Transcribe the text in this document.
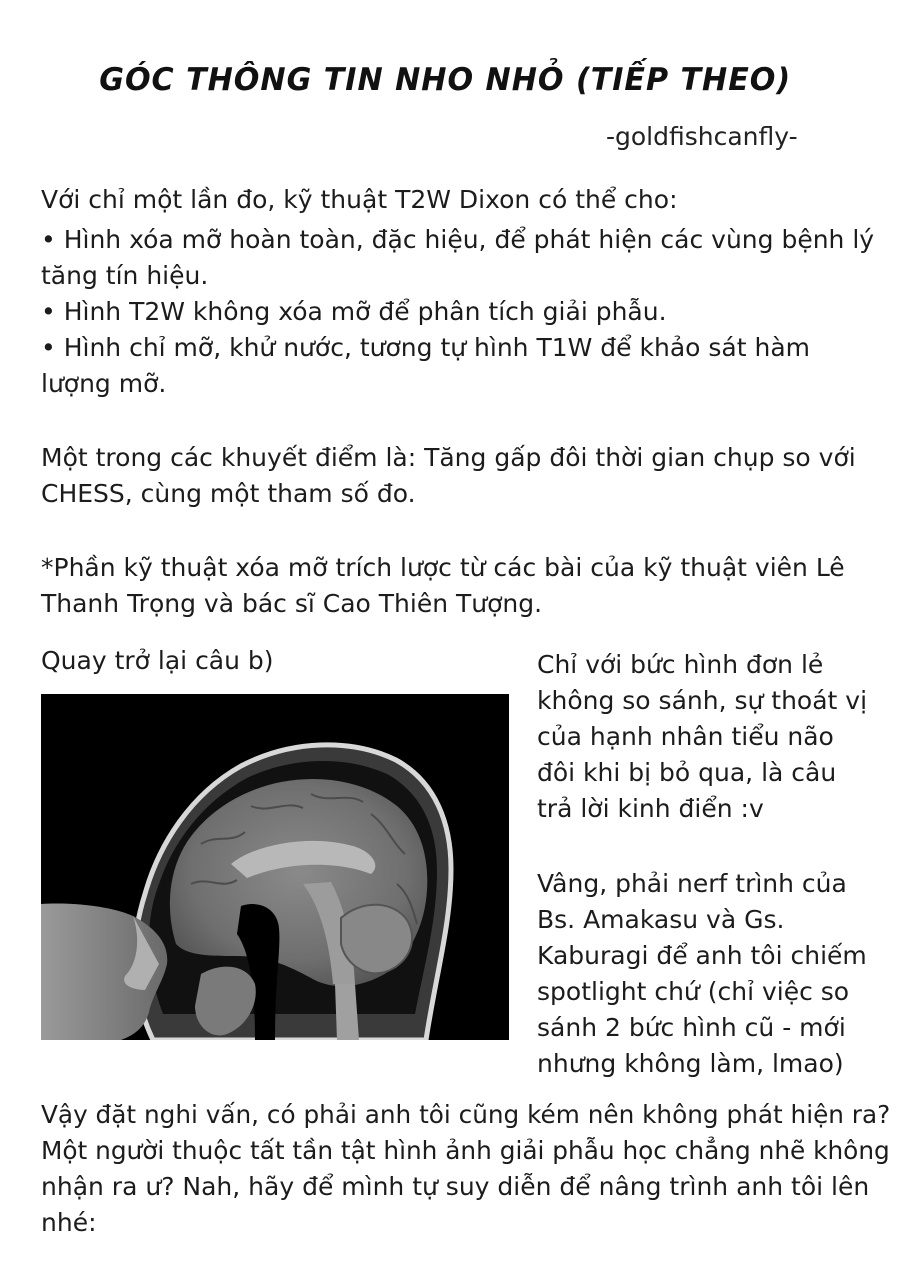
GÓC THÔNG TIN NHO NHỎ (TIẾP THEO)
-goldfishcanfly-
Với chỉ một lần đo, kỹ thuật T2W Dixon có thể cho:
• Hình xóa mỡ hoàn toàn, đặc hiệu, để phát hiện các vùng bệnh lý
tăng tín hiệu.
• Hình T2W không xóa mỡ để phân tích giải phẫu.
• Hình chỉ mỡ, khử nước, tương tự hình T1W để khảo sát hàm
lượng mỡ.
Một trong các khuyết điểm là: Tăng gấp đôi thời gian chụp so với
CHESS, cùng một tham số đo.
*Phần kỹ thuật xóa mỡ trích lược từ các bài của kỹ thuật viên Lê
Thanh Trọng và bác sĩ Cao Thiên Tượng.
Quay trở lại câu b)	Chỉ với bức hình đơn lẻ
không so sánh, sự thoát vị
của hạnh nhân tiểu não
đôi khi bị bỏ qua, là câu
trả lời kinh điển :v
Vâng, phải nerf trình của
Bs. Amakasu và Gs.
Kaburagi để anh tôi chiếm
spotlight chứ (chỉ việc so
sánh 2 bức hình cũ - mới
nhưng không làm, lmao)
Vậy đặt nghi vấn, có phải anh tôi cũng kém nên không phát hiện ra?
Một người thuộc tất tần tật hình ảnh giải phẫu học chẳng nhẽ không
nhận ra ư? Nah, hãy để mình tự suy diễn để nâng trình anh tôi lên
nhé:
